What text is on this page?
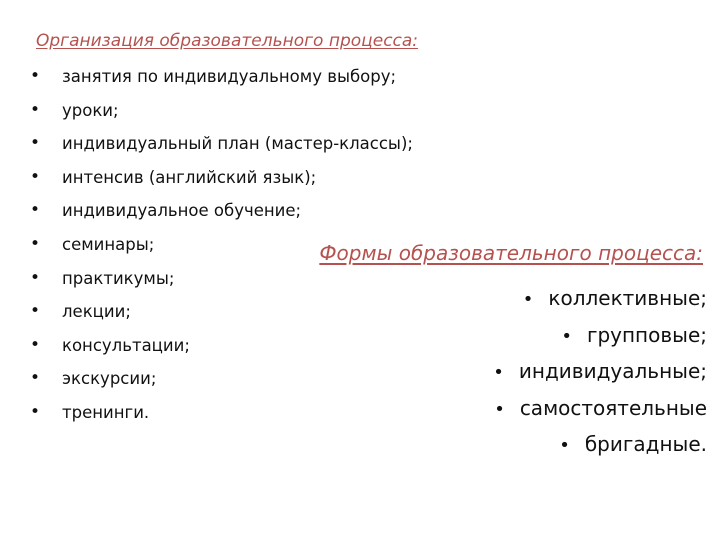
Организация образовательного процесса:
• занятия по индивидуальному выбору;
• уроки;
• индивидуальный план (мастер-классы);
• интенсив (английский язык);
• индивидуальное обучение;
• семинары;
• практикумы;
• лекции;
• консультации;
• экскурсии;
• тренинги.
Формы образовательного процесса:
• коллективные;
• групповые;
• индивидуальные;
• самостоятельные
• бригадные.
